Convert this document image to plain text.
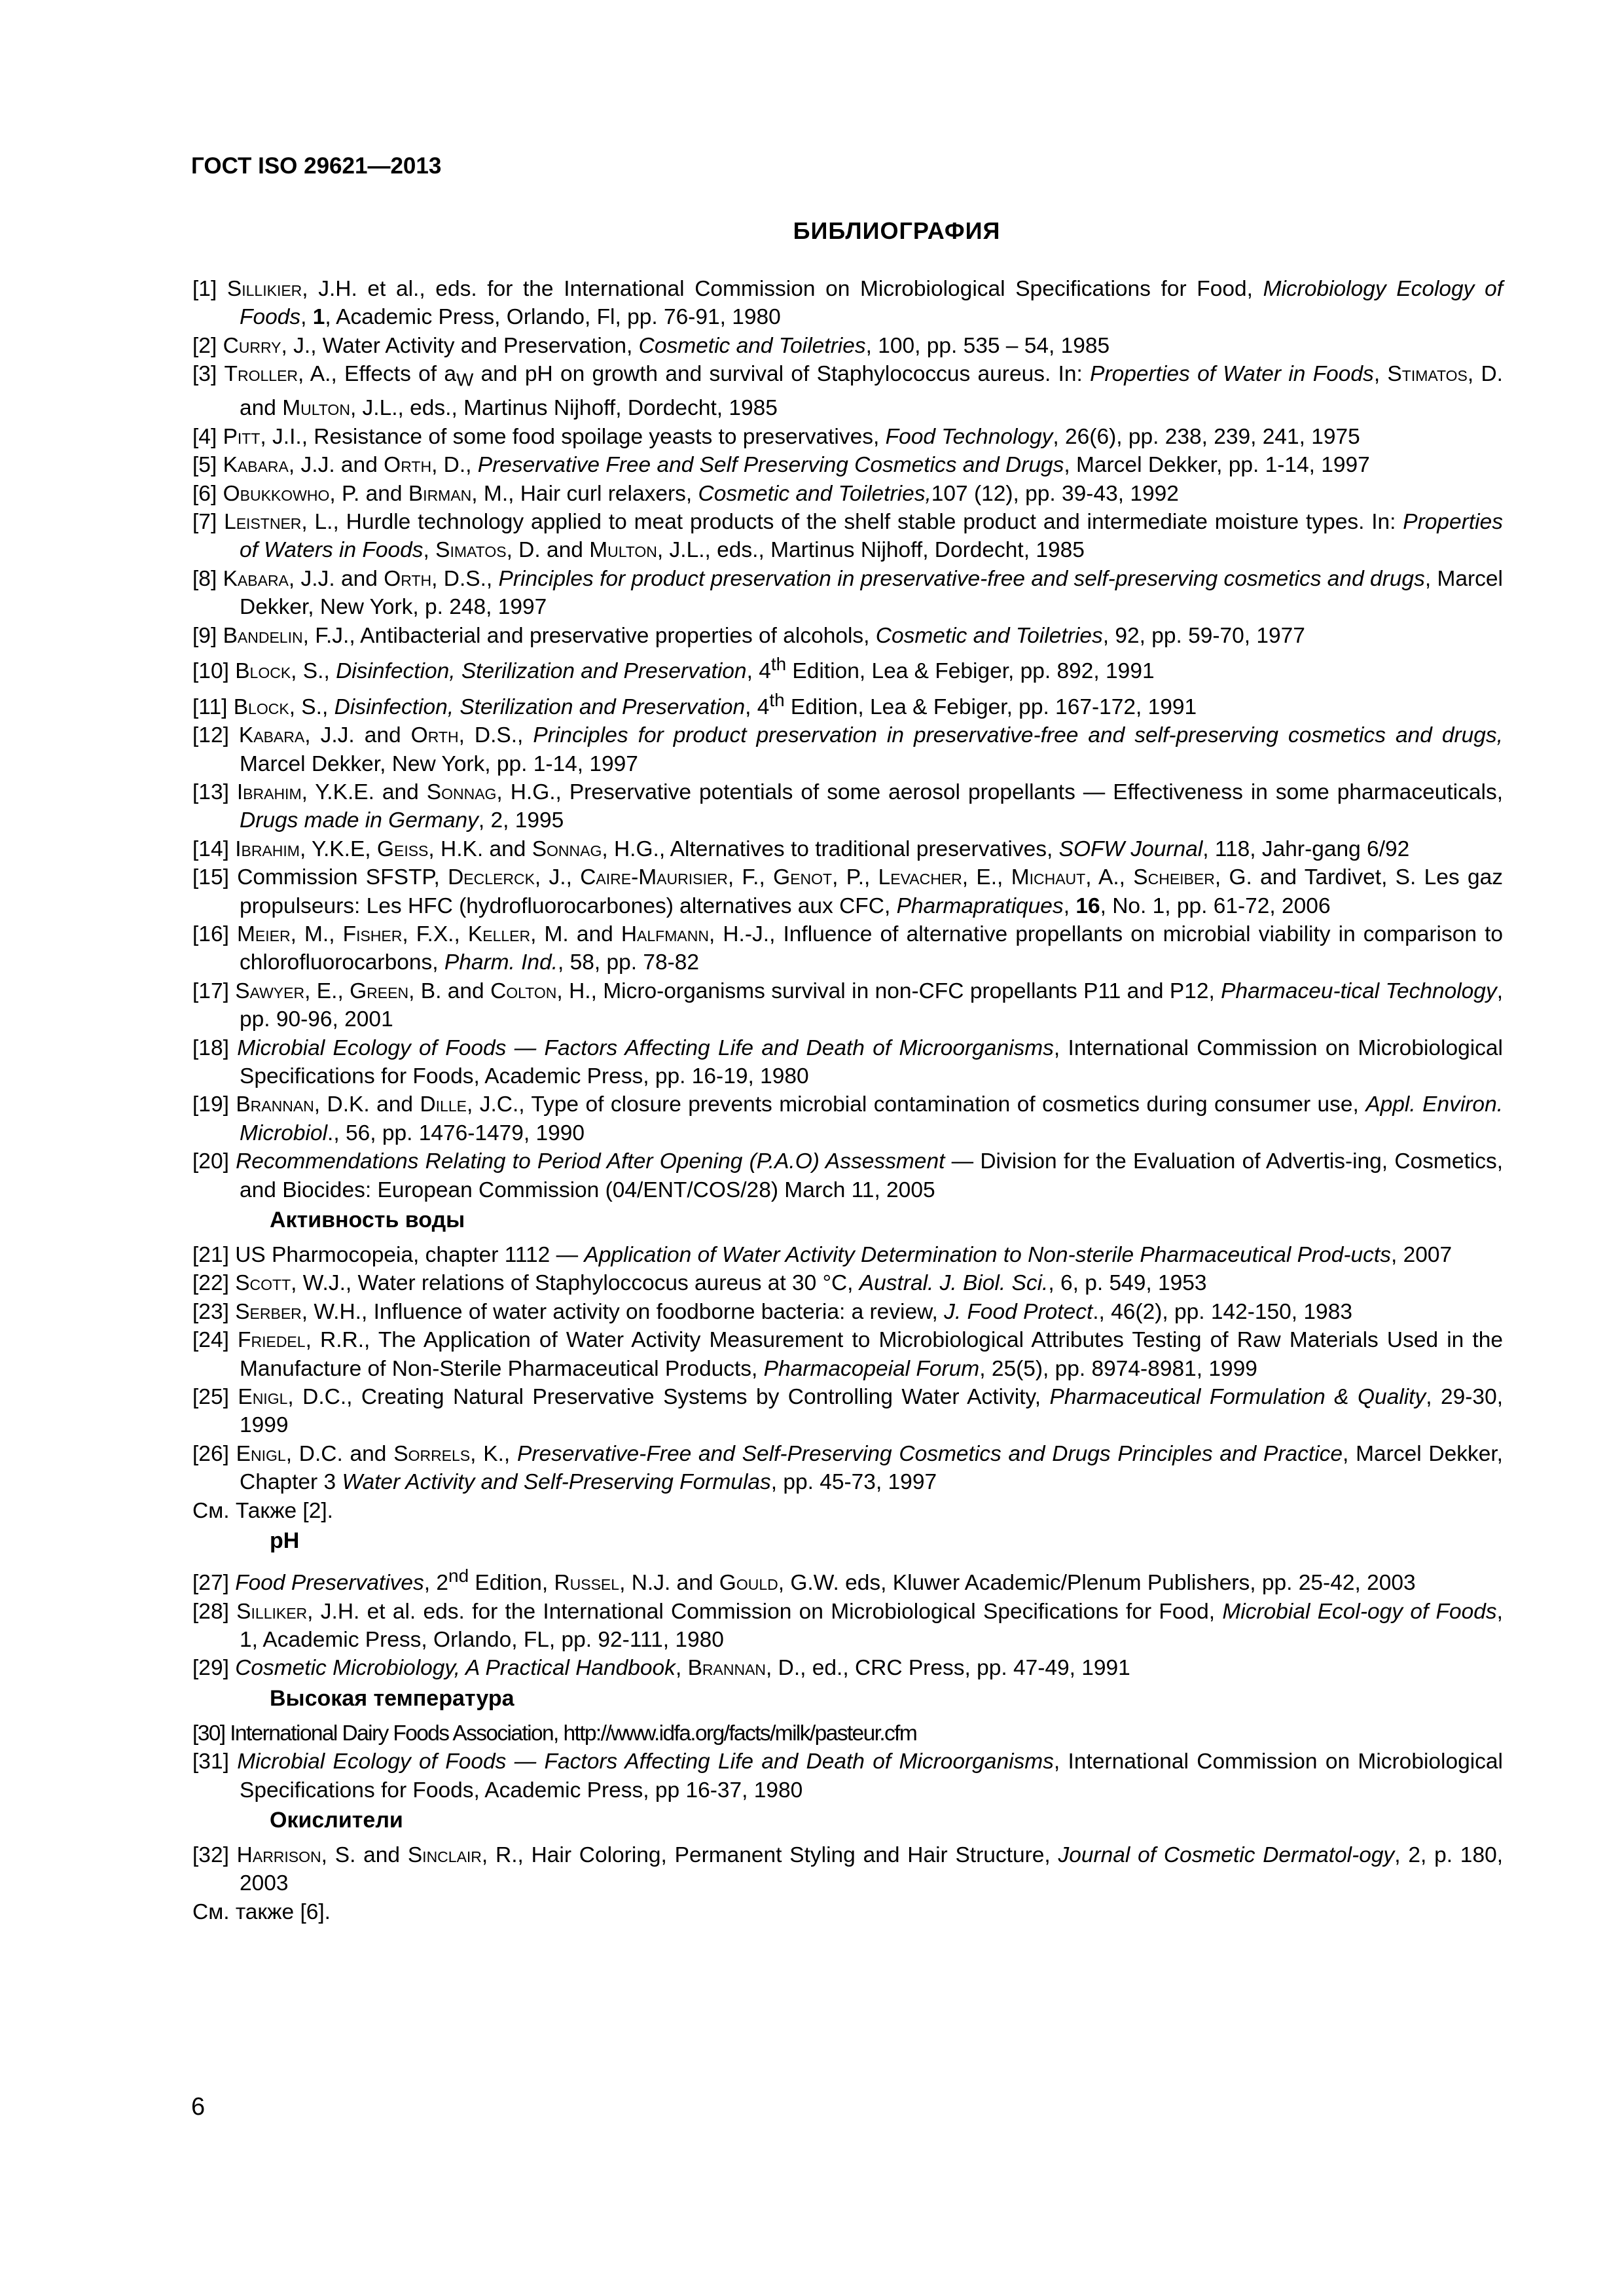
ГОСТ ISO 29621—2013
БИБЛИОГРАФИЯ
[1] Sillikier, J.H. et al., eds. for the International Commission on Microbiological Specifications for Food, Microbiology Ecology of Foods, 1, Academic Press, Orlando, Fl, pp. 76-91, 1980
[2] Curry, J., Water Activity and Preservation, Cosmetic and Toiletries, 100, pp. 535 – 54, 1985
[3] Troller, A., Effects of $a_W$ and pH on growth and survival of Staphylococcus aureus. In: Properties of Water in Foods, Stimatos, D. and Multon, J.L., eds., Martinus Nijhoff, Dordecht, 1985
[4] Pitt, J.I., Resistance of some food spoilage yeasts to preservatives, Food Technology, 26(6), pp. 238, 239, 241, 1975
[5] Kabara, J.J. and Orth, D., Preservative Free and Self Preserving Cosmetics and Drugs, Marcel Dekker, pp. 1-14, 1997
[6] Obukkowho, P. and Birman, M., Hair curl relaxers, Cosmetic and Toiletries,107 (12), pp. 39-43, 1992
[7] Leistner, L., Hurdle technology applied to meat products of the shelf stable product and intermediate moisture types. In: Properties of Waters in Foods, Simatos, D. and Multon, J.L., eds., Martinus Nijhoff, Dordecht, 1985
[8] Kabara, J.J. and Orth, D.S., Principles for product preservation in preservative-free and self-preserving cosmetics and drugs, Marcel Dekker, New York, p. 248, 1997
[9] Bandelin, F.J., Antibacterial and preservative properties of alcohols, Cosmetic and Toiletries, 92, pp. 59-70, 1977
[10] Block, S., Disinfection, Sterilization and Preservation, 4th Edition, Lea & Febiger, pp. 892, 1991
[11] Block, S., Disinfection, Sterilization and Preservation, 4th Edition, Lea & Febiger, pp. 167-172, 1991
[12] Kabara, J.J. and Orth, D.S., Principles for product preservation in preservative-free and self-preserving cosmetics and drugs, Marcel Dekker, New York, pp. 1-14, 1997
[13] Ibrahim, Y.K.E. and Sonnag, H.G., Preservative potentials of some aerosol propellants — Effectiveness in some pharmaceuticals, Drugs made in Germany, 2, 1995
[14] Ibrahim, Y.K.E, Geiss, H.K. and Sonnag, H.G., Alternatives to traditional preservatives, SOFW Journal, 118, Jahr-gang 6/92
[15] Commission SFSTP, Declerck, J., Caire-Maurisier, F., Genot, P., Levacher, E., Michaut, A., Scheiber, G. and Tardivet, S. Les gaz propulseurs: Les HFC (hydrofluorocarbones) alternatives aux CFC, Pharmapratiques, 16, No. 1, pp. 61-72, 2006
[16] Meier, M., Fisher, F.X., Keller, M. and Halfmann, H.-J., Influence of alternative propellants on microbial viability in comparison to chlorofluorocarbons, Pharm. Ind., 58, pp. 78-82
[17] Sawyer, E., Green, B. and Colton, H., Micro-organisms survival in non-CFC propellants P11 and P12, Pharmaceu-tical Technology, pp. 90-96, 2001
[18] Microbial Ecology of Foods — Factors Affecting Life and Death of Microorganisms, International Commission on Microbiological Specifications for Foods, Academic Press, pp. 16-19, 1980
[19] Brannan, D.K. and Dille, J.C., Type of closure prevents microbial contamination of cosmetics during consumer use, Appl. Environ. Microbiol., 56, pp. 1476-1479, 1990
[20] Recommendations Relating to Period After Opening (P.A.O) Assessment — Division for the Evaluation of Advertis-ing, Cosmetics, and Biocides: European Commission (04/ENT/COS/28) March 11, 2005
Активность воды
[21] US Pharmocopeia, chapter 1112 — Application of Water Activity Determination to Non-sterile Pharmaceutical Prod-ucts, 2007
[22] Scott, W.J., Water relations of Staphyloccocus aureus at 30 °C, Austral. J. Biol. Sci., 6, p. 549, 1953
[23] Serber, W.H., Influence of water activity on foodborne bacteria: a review, J. Food Protect., 46(2), pp. 142-150, 1983
[24] Friedel, R.R., The Application of Water Activity Measurement to Microbiological Attributes Testing of Raw Materials Used in the Manufacture of Non-Sterile Pharmaceutical Products, Pharmacopeial Forum, 25(5), pp. 8974-8981, 1999
[25] Enigl, D.C., Creating Natural Preservative Systems by Controlling Water Activity, Pharmaceutical Formulation & Quality, 29-30, 1999
[26] Enigl, D.C. and Sorrels, K., Preservative-Free and Self-Preserving Cosmetics and Drugs Principles and Practice, Marcel Dekker, Chapter 3 Water Activity and Self-Preserving Formulas, pp. 45-73, 1997
См. Также [2].
pH
[27] Food Preservatives, 2nd Edition, Russel, N.J. and Gould, G.W. eds, Kluwer Academic/Plenum Publishers, pp. 25-42, 2003
[28] Silliker, J.H. et al. eds. for the International Commission on Microbiological Specifications for Food, Microbial Ecol-ogy of Foods, 1, Academic Press, Orlando, FL, pp. 92-111, 1980
[29] Cosmetic Microbiology, A Practical Handbook, Brannan, D., ed., CRC Press, pp. 47-49, 1991
Высокая температура
[30] International Dairy Foods Association, http://www.idfa.org/facts/milk/pasteur.cfm
[31] Microbial Ecology of Foods — Factors Affecting Life and Death of Microorganisms, International Commission on Microbiological Specifications for Foods, Academic Press, pp 16-37, 1980
Окислители
[32] Harrison, S. and Sinclair, R., Hair Coloring, Permanent Styling and Hair Structure, Journal of Cosmetic Dermatol-ogy, 2, p. 180, 2003
См. также [6].
6
